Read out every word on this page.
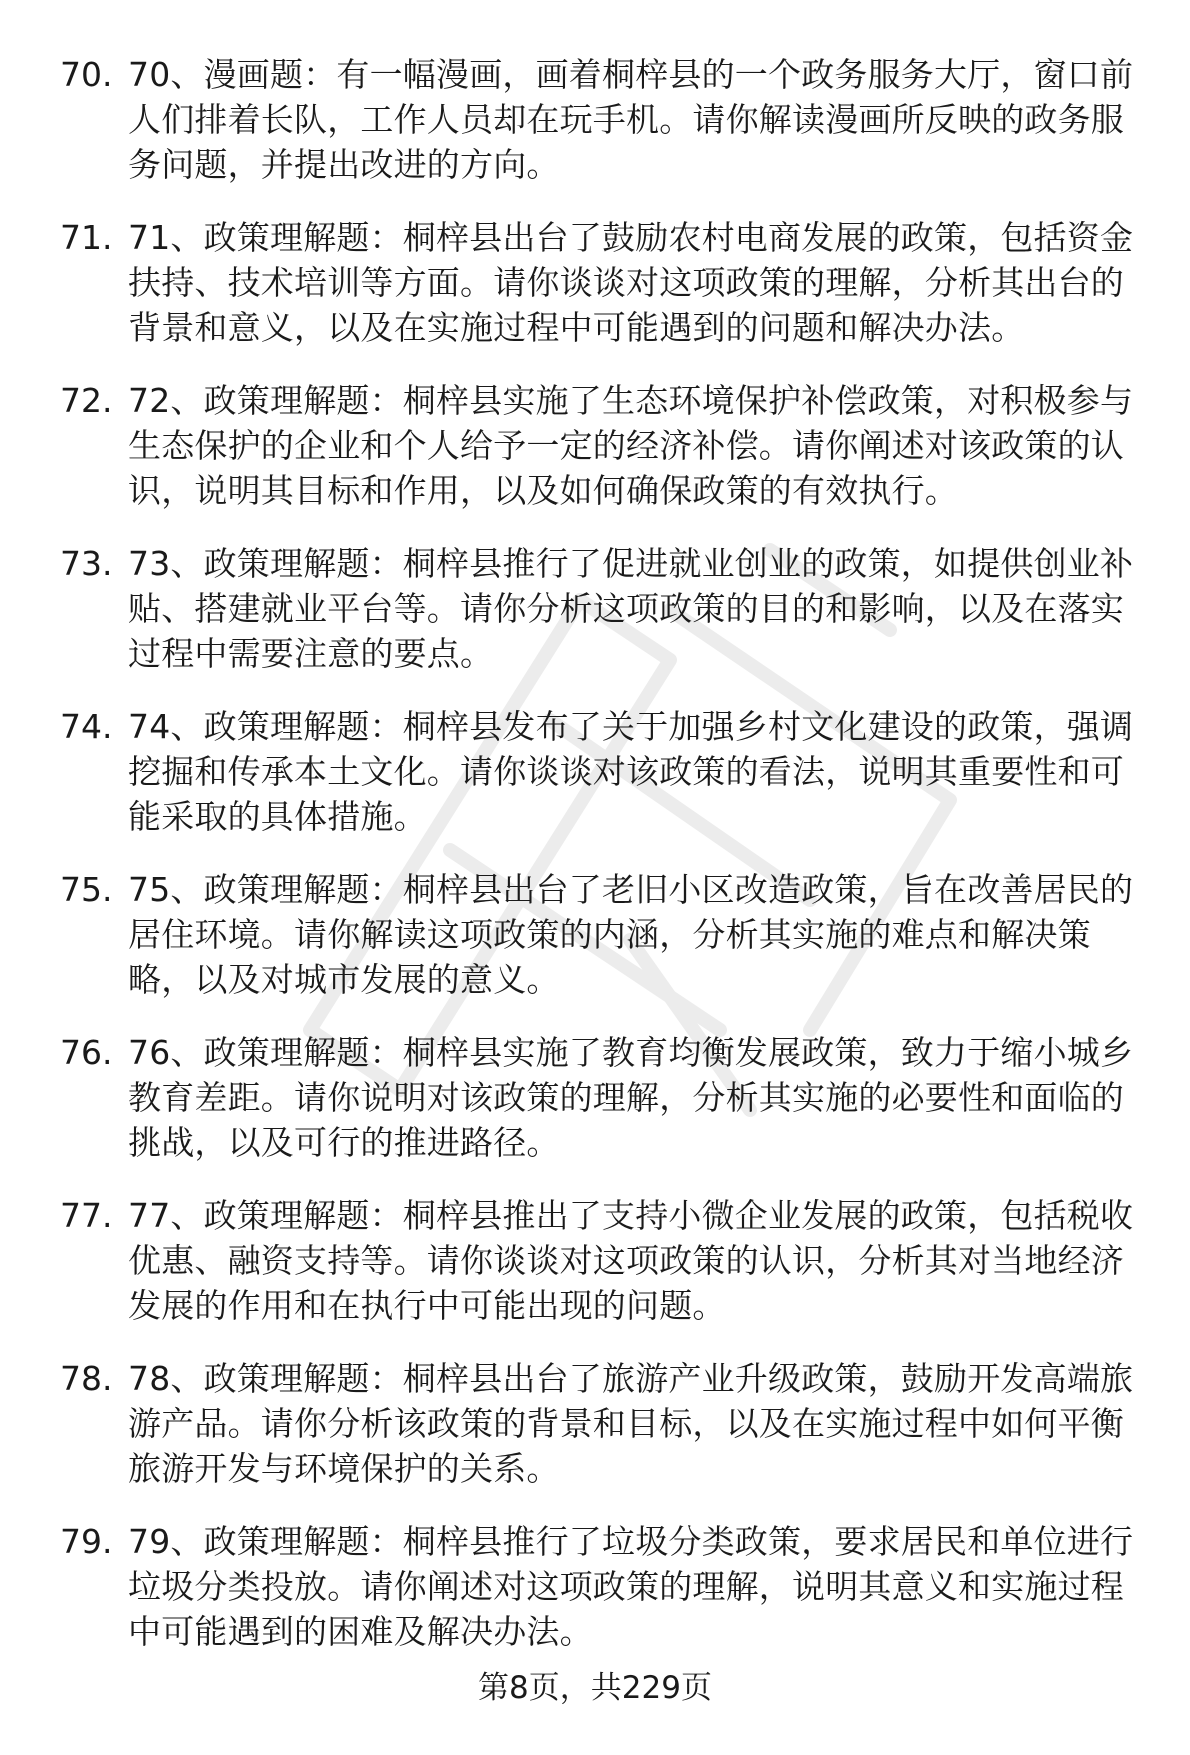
70. 70、漫画题：有一幅漫画，画着桐梓县的一个政务服务大厅，窗口前人们排着长队，工作人员却在玩手机。请你解读漫画所反映的政务服务问题，并提出改进的方向。
71. 71、政策理解题：桐梓县出台了鼓励农村电商发展的政策，包括资金扶持、技术培训等方面。请你谈谈对这项政策的理解，分析其出台的背景和意义，以及在实施过程中可能遇到的问题和解决办法。
72. 72、政策理解题：桐梓县实施了生态环境保护补偿政策，对积极参与生态保护的企业和个人给予一定的经济补偿。请你阐述对该政策的认识，说明其目标和作用，以及如何确保政策的有效执行。
73. 73、政策理解题：桐梓县推行了促进就业创业的政策，如提供创业补贴、搭建就业平台等。请你分析这项政策的目的和影响，以及在落实过程中需要注意的要点。
74. 74、政策理解题：桐梓县发布了关于加强乡村文化建设的政策，强调挖掘和传承本土文化。请你谈谈对该政策的看法，说明其重要性和可能采取的具体措施。
75. 75、政策理解题：桐梓县出台了老旧小区改造政策，旨在改善居民的居住环境。请你解读这项政策的内涵，分析其实施的难点和解决策略，以及对城市发展的意义。
76. 76、政策理解题：桐梓县实施了教育均衡发展政策，致力于缩小城乡教育差距。请你说明对该政策的理解，分析其实施的必要性和面临的挑战，以及可行的推进路径。
77. 77、政策理解题：桐梓县推出了支持小微企业发展的政策，包括税收优惠、融资支持等。请你谈谈对这项政策的认识，分析其对当地经济发展的作用和在执行中可能出现的问题。
78. 78、政策理解题：桐梓县出台了旅游产业升级政策，鼓励开发高端旅游产品。请你分析该政策的背景和目标，以及在实施过程中如何平衡旅游开发与环境保护的关系。
79. 79、政策理解题：桐梓县推行了垃圾分类政策，要求居民和单位进行垃圾分类投放。请你阐述对这项政策的理解，说明其意义和实施过程中可能遇到的困难及解决办法。
第8页，共229页
